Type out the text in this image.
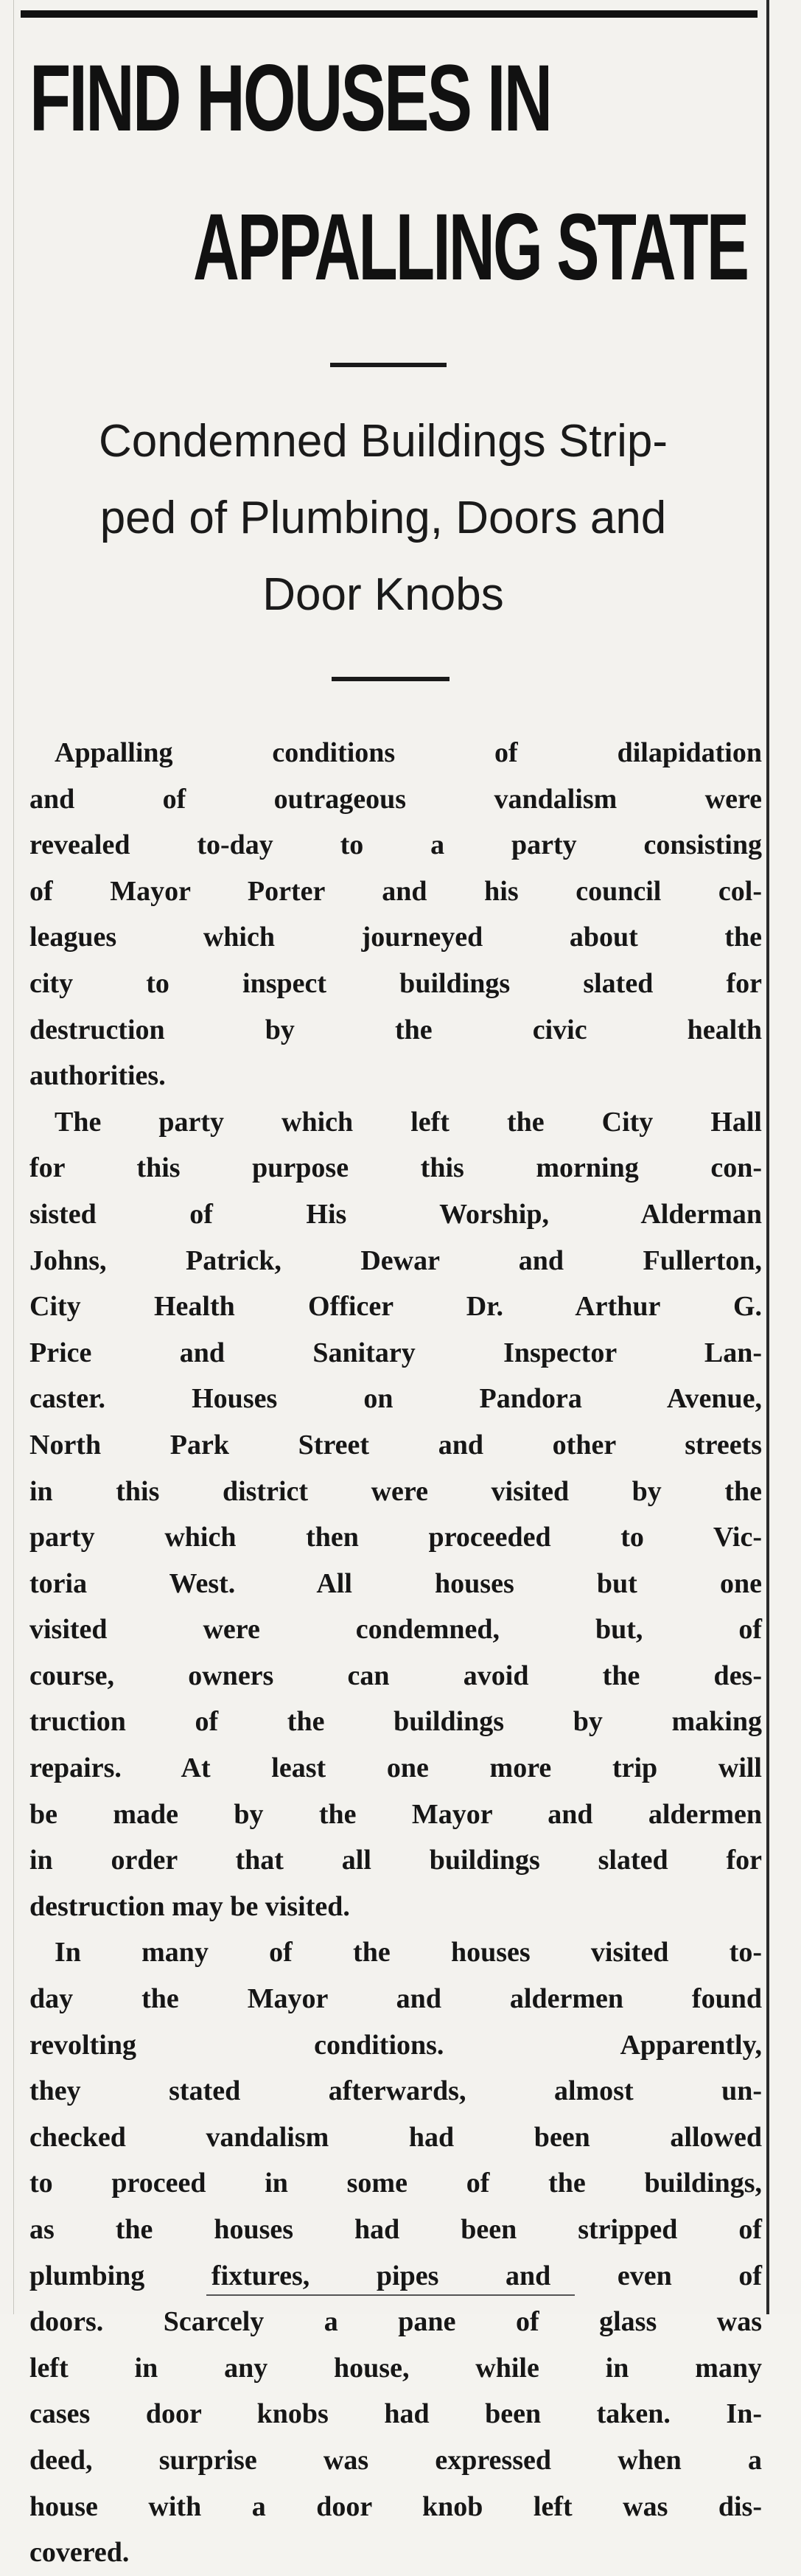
FIND HOUSES IN
APPALLING STATE
Condemned Buildings Strip-
ped of Plumbing, Doors and
Door Knobs
Appalling conditions of dilapidation
and of outrageous vandalism were
revealed to-day to a party consisting
of Mayor Porter and his council col-
leagues which journeyed about the
city to inspect buildings slated for
destruction by the civic health
authorities.
The party which left the City Hall
for this purpose this morning con-
sisted of His Worship, Alderman
Johns, Patrick, Dewar and Fullerton,
City Health Officer Dr. Arthur G.
Price and Sanitary Inspector Lan-
caster. Houses on Pandora Avenue,
North Park Street and other streets
in this district were visited by the
party which then proceeded to Vic-
toria West. All houses but one
visited were condemned, but, of
course, owners can avoid the des-
truction of the buildings by making
repairs. At least one more trip will
be made by the Mayor and aldermen
in order that all buildings slated for
destruction may be visited.
In many of the houses visited to-
day the Mayor and aldermen found
revolting conditions. Apparently,
they stated afterwards, almost un-
checked vandalism had been allowed
to proceed in some of the buildings,
as the houses had been stripped of
plumbing fixtures, pipes and even of
doors. Scarcely a pane of glass was
left in any house, while in many
cases door knobs had been taken. In-
deed, surprise was expressed when a
house with a door knob left was dis-
covered.
